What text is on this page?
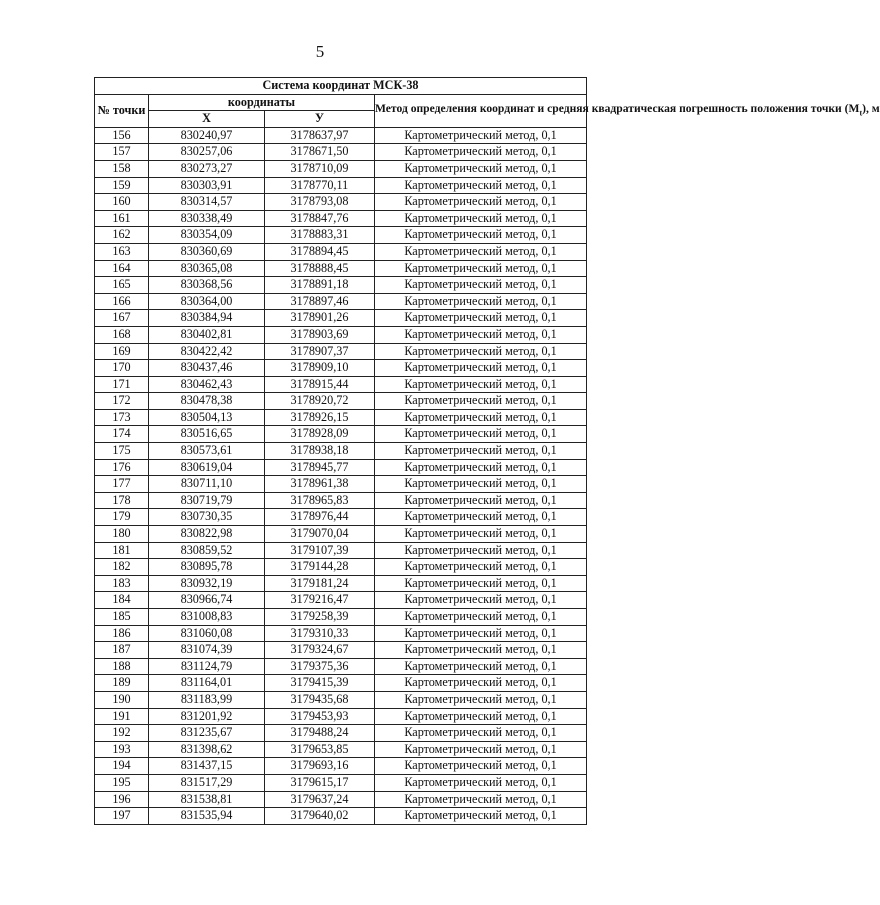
5
Система координат МСК-38			
№ точки	координаты		Метод определения координат и средняя квадратическая погрешность положения точки $(M_t)$, м
	X	У	
156	830240,97	3178637,97	Картометрический метод, 0,1
157	830257,06	3178671,50	Картометрический метод, 0,1
158	830273,27	3178710,09	Картометрический метод, 0,1
159	830303,91	3178770,11	Картометрический метод, 0,1
160	830314,57	3178793,08	Картометрический метод, 0,1
161	830338,49	3178847,76	Картометрический метод, 0,1
162	830354,09	3178883,31	Картометрический метод, 0,1
163	830360,69	3178894,45	Картометрический метод, 0,1
164	830365,08	3178888,45	Картометрический метод, 0,1
165	830368,56	3178891,18	Картометрический метод, 0,1
166	830364,00	3178897,46	Картометрический метод, 0,1
167	830384,94	3178901,26	Картометрический метод, 0,1
168	830402,81	3178903,69	Картометрический метод, 0,1
169	830422,42	3178907,37	Картометрический метод, 0,1
170	830437,46	3178909,10	Картометрический метод, 0,1
171	830462,43	3178915,44	Картометрический метод, 0,1
172	830478,38	3178920,72	Картометрический метод, 0,1
173	830504,13	3178926,15	Картометрический метод, 0,1
174	830516,65	3178928,09	Картометрический метод, 0,1
175	830573,61	3178938,18	Картометрический метод, 0,1
176	830619,04	3178945,77	Картометрический метод, 0,1
177	830711,10	3178961,38	Картометрический метод, 0,1
178	830719,79	3178965,83	Картометрический метод, 0,1
179	830730,35	3178976,44	Картометрический метод, 0,1
180	830822,98	3179070,04	Картометрический метод, 0,1
181	830859,52	3179107,39	Картометрический метод, 0,1
182	830895,78	3179144,28	Картометрический метод, 0,1
183	830932,19	3179181,24	Картометрический метод, 0,1
184	830966,74	3179216,47	Картометрический метод, 0,1
185	831008,83	3179258,39	Картометрический метод, 0,1
186	831060,08	3179310,33	Картометрический метод, 0,1
187	831074,39	3179324,67	Картометрический метод, 0,1
188	831124,79	3179375,36	Картометрический метод, 0,1
189	831164,01	3179415,39	Картометрический метод, 0,1
190	831183,99	3179435,68	Картометрический метод, 0,1
191	831201,92	3179453,93	Картометрический метод, 0,1
192	831235,67	3179488,24	Картометрический метод, 0,1
193	831398,62	3179653,85	Картометрический метод, 0,1
194	831437,15	3179693,16	Картометрический метод, 0,1
195	831517,29	3179615,17	Картометрический метод, 0,1
196	831538,81	3179637,24	Картометрический метод, 0,1
197	831535,94	3179640,02	Картометрический метод, 0,1
